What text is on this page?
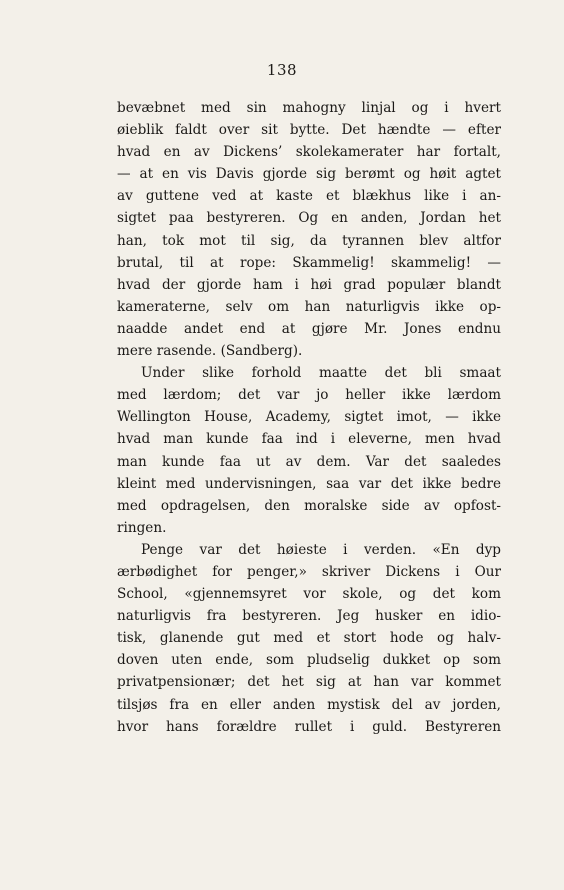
138
bevæbnet med sin mahogny linjal og i hvert
øieblik faldt over sit bytte. Det hændte — efter
hvad en av Dickens’ skolekamerater har fortalt,
— at en vis Davis gjorde sig berømt og høit agtet
av guttene ved at kaste et blækhus like i an-
sigtet paa bestyreren. Og en anden, Jordan het
han, tok mot til sig, da tyrannen blev altfor
brutal, til at rope: Skammelig! skammelig! —
hvad der gjorde ham i høi grad populær blandt
kameraterne, selv om han naturligvis ikke op-
naadde andet end at gjøre Mr. Jones endnu
mere rasende. (Sandberg).
Under slike forhold maatte det bli smaat
med lærdom; det var jo heller ikke lærdom
Wellington House, Academy, sigtet imot, — ikke
hvad man kunde faa ind i eleverne, men hvad
man kunde faa ut av dem. Var det saaledes
kleint med undervisningen, saa var det ikke bedre
med opdragelsen, den moralske side av opfost-
ringen.
Penge var det høieste i verden. «En dyp
ærbødighet for penger,» skriver Dickens i Our
School, «gjennemsyret vor skole, og det kom
naturligvis fra bestyreren. Jeg husker en idio-
tisk, glanende gut med et stort hode og halv-
doven uten ende, som pludselig dukket op som
privatpensionær; det het sig at han var kommet
tilsjøs fra en eller anden mystisk del av jorden,
hvor hans forældre rullet i guld. Bestyreren
